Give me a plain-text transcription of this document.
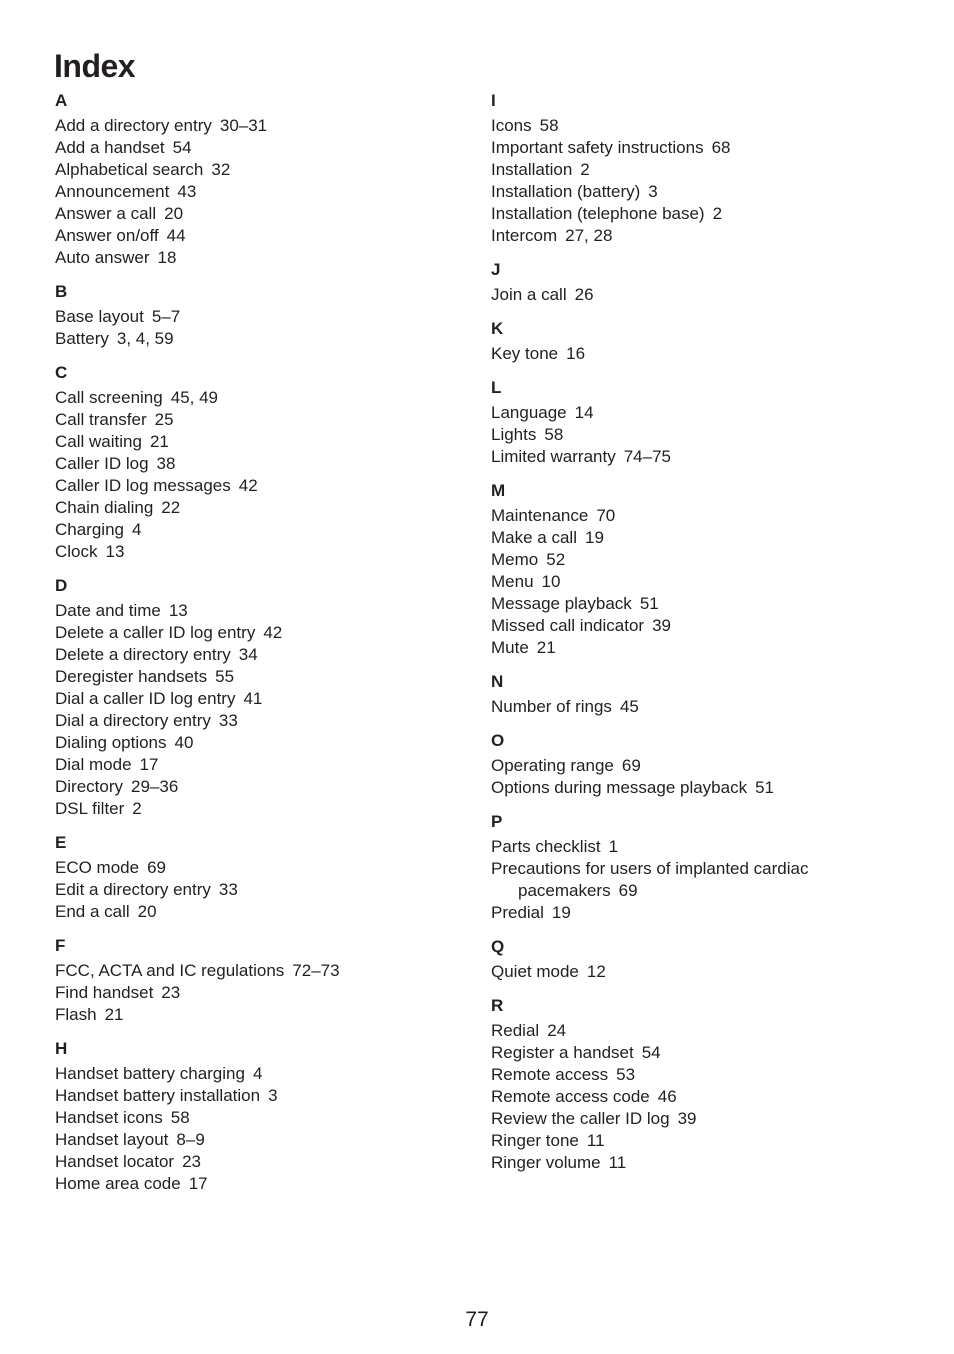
Index
A
Add a directory entry 30–31
Add a handset 54
Alphabetical search 32
Announcement 43
Answer a call 20
Answer on/off 44
Auto answer 18
B
Base layout 5–7
Battery 3, 4, 59
C
Call screening 45, 49
Call transfer 25
Call waiting 21
Caller ID log 38
Caller ID log messages 42
Chain dialing 22
Charging 4
Clock 13
D
Date and time 13
Delete a caller ID log entry 42
Delete a directory entry 34
Deregister handsets 55
Dial a caller ID log entry 41
Dial a directory entry 33
Dialing options 40
Dial mode 17
Directory 29–36
DSL filter 2
E
ECO mode 69
Edit a directory entry 33
End a call 20
F
FCC, ACTA and IC regulations 72–73
Find handset 23
Flash 21
H
Handset battery charging 4
Handset battery installation 3
Handset icons 58
Handset layout 8–9
Handset locator 23
Home area code 17
I
Icons 58
Important safety instructions 68
Installation 2
Installation (battery) 3
Installation (telephone base) 2
Intercom 27, 28
J
Join a call 26
K
Key tone 16
L
Language 14
Lights 58
Limited warranty 74–75
M
Maintenance 70
Make a call 19
Memo 52
Menu 10
Message playback 51
Missed call indicator 39
Mute 21
N
Number of rings 45
O
Operating range 69
Options during message playback 51
P
Parts checklist 1
Precautions for users of implanted cardiac
pacemakers 69
Predial 19
Q
Quiet mode 12
R
Redial 24
Register a handset 54
Remote access 53
Remote access code 46
Review the caller ID log 39
Ringer tone 11
Ringer volume 11
77
